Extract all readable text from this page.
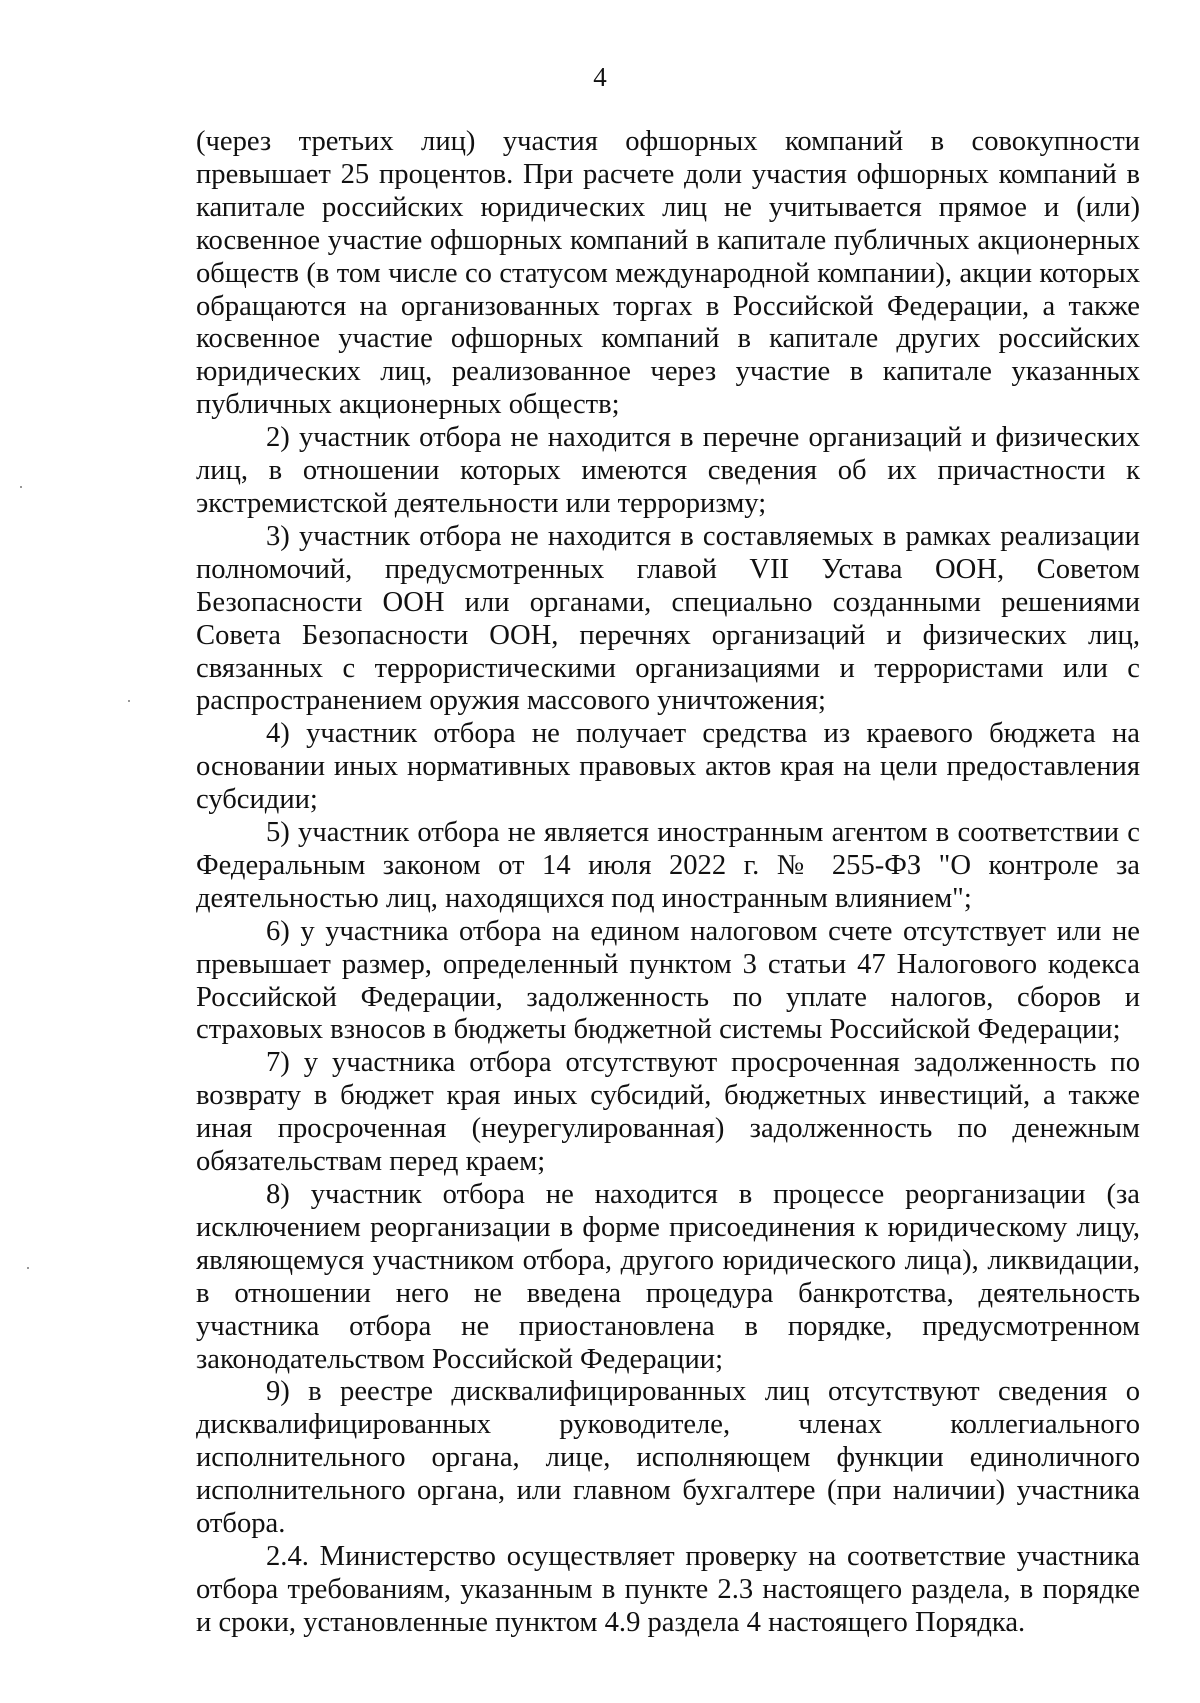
4

(через третьих лиц) участия офшорных компаний в совокупности превышает 25 процентов. При расчете доли участия офшорных компаний в капитале российских юридических лиц не учитывается прямое и (или) косвенное участие офшорных компаний в капитале публичных акционерных обществ (в том числе со статусом международной компании), акции которых обращаются на организованных торгах в Российской Федерации, а также косвенное участие офшорных компаний в капитале других российских юридических лиц, реализованное через участие в капитале указанных публичных акционерных обществ;

2) участник отбора не находится в перечне организаций и физических лиц, в отношении которых имеются сведения об их причастности к экстремистской деятельности или терроризму;

3) участник отбора не находится в составляемых в рамках реализации полномочий, предусмотренных главой VII Устава ООН, Советом Безопасности ООН или органами, специально созданными решениями Совета Безопасности ООН, перечнях организаций и физических лиц, связанных с террористическими организациями и террористами или с распространением оружия массового уничтожения;

4) участник отбора не получает средства из краевого бюджета на основании иных нормативных правовых актов края на цели предоставления субсидии;

5) участник отбора не является иностранным агентом в соответствии с Федеральным законом от 14 июля 2022 г. № 255-ФЗ "О контроле за деятельностью лиц, находящихся под иностранным влиянием";

6) у участника отбора на едином налоговом счете отсутствует или не превышает размер, определенный пунктом 3 статьи 47 Налогового кодекса Российской Федерации, задолженность по уплате налогов, сборов и страховых взносов в бюджеты бюджетной системы Российской Федерации;

7) у участника отбора отсутствуют просроченная задолженность по возврату в бюджет края иных субсидий, бюджетных инвестиций, а также иная просроченная (неурегулированная) задолженность по денежным обязательствам перед краем;

8) участник отбора не находится в процессе реорганизации (за исключением реорганизации в форме присоединения к юридическому лицу, являющемуся участником отбора, другого юридического лица), ликвидации, в отношении него не введена процедура банкротства, деятельность участника отбора не приостановлена в порядке, предусмотренном законодательством Российской Федерации;

9) в реестре дисквалифицированных лиц отсутствуют сведения о дисквалифицированных руководителе, членах коллегиального исполнительного органа, лице, исполняющем функции единоличного исполнительного органа, или главном бухгалтере (при наличии) участника отбора.

2.4. Министерство осуществляет проверку на соответствие участника отбора требованиям, указанным в пункте 2.3 настоящего раздела, в порядке и сроки, установленные пунктом 4.9 раздела 4 настоящего Порядка.
